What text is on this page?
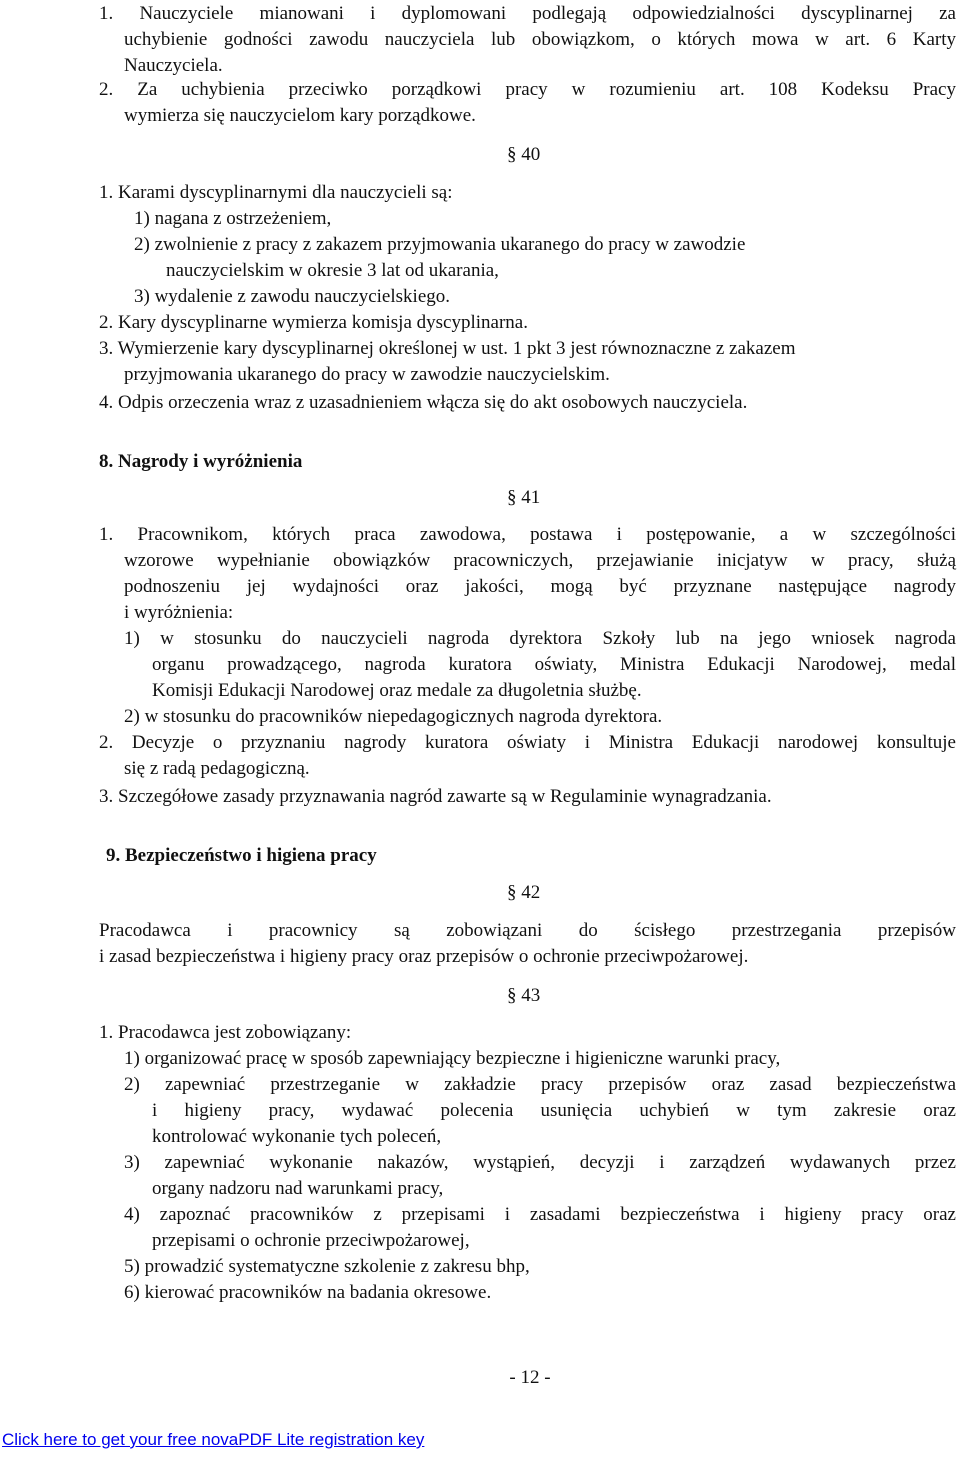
1. Nauczyciele mianowani i dyplomowani podlegają odpowiedzialności dyscyplinarnej za
uchybienie godności zawodu nauczyciela lub obowiązkom, o których mowa w art. 6 Karty
Nauczyciela.
2. Za uchybienia przeciwko porządkowi pracy w rozumieniu art. 108 Kodeksu Pracy
wymierza się nauczycielom kary porządkowe.
§ 40
1. Karami dyscyplinarnymi dla nauczycieli są:
1) nagana z ostrzeżeniem,
2) zwolnienie z pracy z zakazem przyjmowania ukaranego do pracy w zawodzie
nauczycielskim w okresie 3 lat od ukarania,
3) wydalenie z zawodu nauczycielskiego.
2. Kary dyscyplinarne wymierza komisja dyscyplinarna.
3. Wymierzenie kary dyscyplinarnej określonej w ust. 1 pkt 3 jest równoznaczne z zakazem
przyjmowania ukaranego do pracy w zawodzie nauczycielskim.
4. Odpis orzeczenia wraz z uzasadnieniem włącza się do akt osobowych nauczyciela.
8. Nagrody i wyróżnienia
§ 41
1. Pracownikom, których praca zawodowa, postawa i postępowanie, a w szczególności
wzorowe wypełnianie obowiązków pracowniczych, przejawianie inicjatyw w pracy, służą
podnoszeniu jej wydajności oraz jakości, mogą być przyznane następujące nagrody
i wyróżnienia:
1) w stosunku do nauczycieli nagroda dyrektora Szkoły lub na jego wniosek nagroda
organu prowadzącego, nagroda kuratora oświaty, Ministra Edukacji Narodowej, medal
Komisji Edukacji Narodowej oraz medale za długoletnia służbę.
2) w stosunku do pracowników niepedagogicznych nagroda dyrektora.
2. Decyzje o przyznaniu nagrody kuratora oświaty i Ministra Edukacji narodowej konsultuje
się z radą pedagogiczną.
3. Szczegółowe zasady przyznawania nagród zawarte są w Regulaminie wynagradzania.
9. Bezpieczeństwo i higiena pracy
§ 42
Pracodawca i pracownicy są zobowiązani do ścisłego przestrzegania przepisów
i zasad bezpieczeństwa i higieny pracy oraz przepisów o ochronie przeciwpożarowej.
§ 43
1. Pracodawca jest zobowiązany:
1) organizować pracę w sposób zapewniający bezpieczne i higieniczne warunki pracy,
2) zapewniać przestrzeganie w zakładzie pracy przepisów oraz zasad bezpieczeństwa
i higieny pracy, wydawać polecenia usunięcia uchybień w tym zakresie oraz
kontrolować wykonanie tych poleceń,
3) zapewniać wykonanie nakazów, wystąpień, decyzji i zarządzeń wydawanych przez
organy nadzoru nad warunkami pracy,
4) zapoznać pracowników z przepisami i zasadami bezpieczeństwa i higieny pracy oraz
przepisami o ochronie przeciwpożarowej,
5) prowadzić systematyczne szkolenie z zakresu bhp,
6) kierować pracowników na badania okresowe.
- 12 -
Click here to get your free novaPDF Lite registration key
